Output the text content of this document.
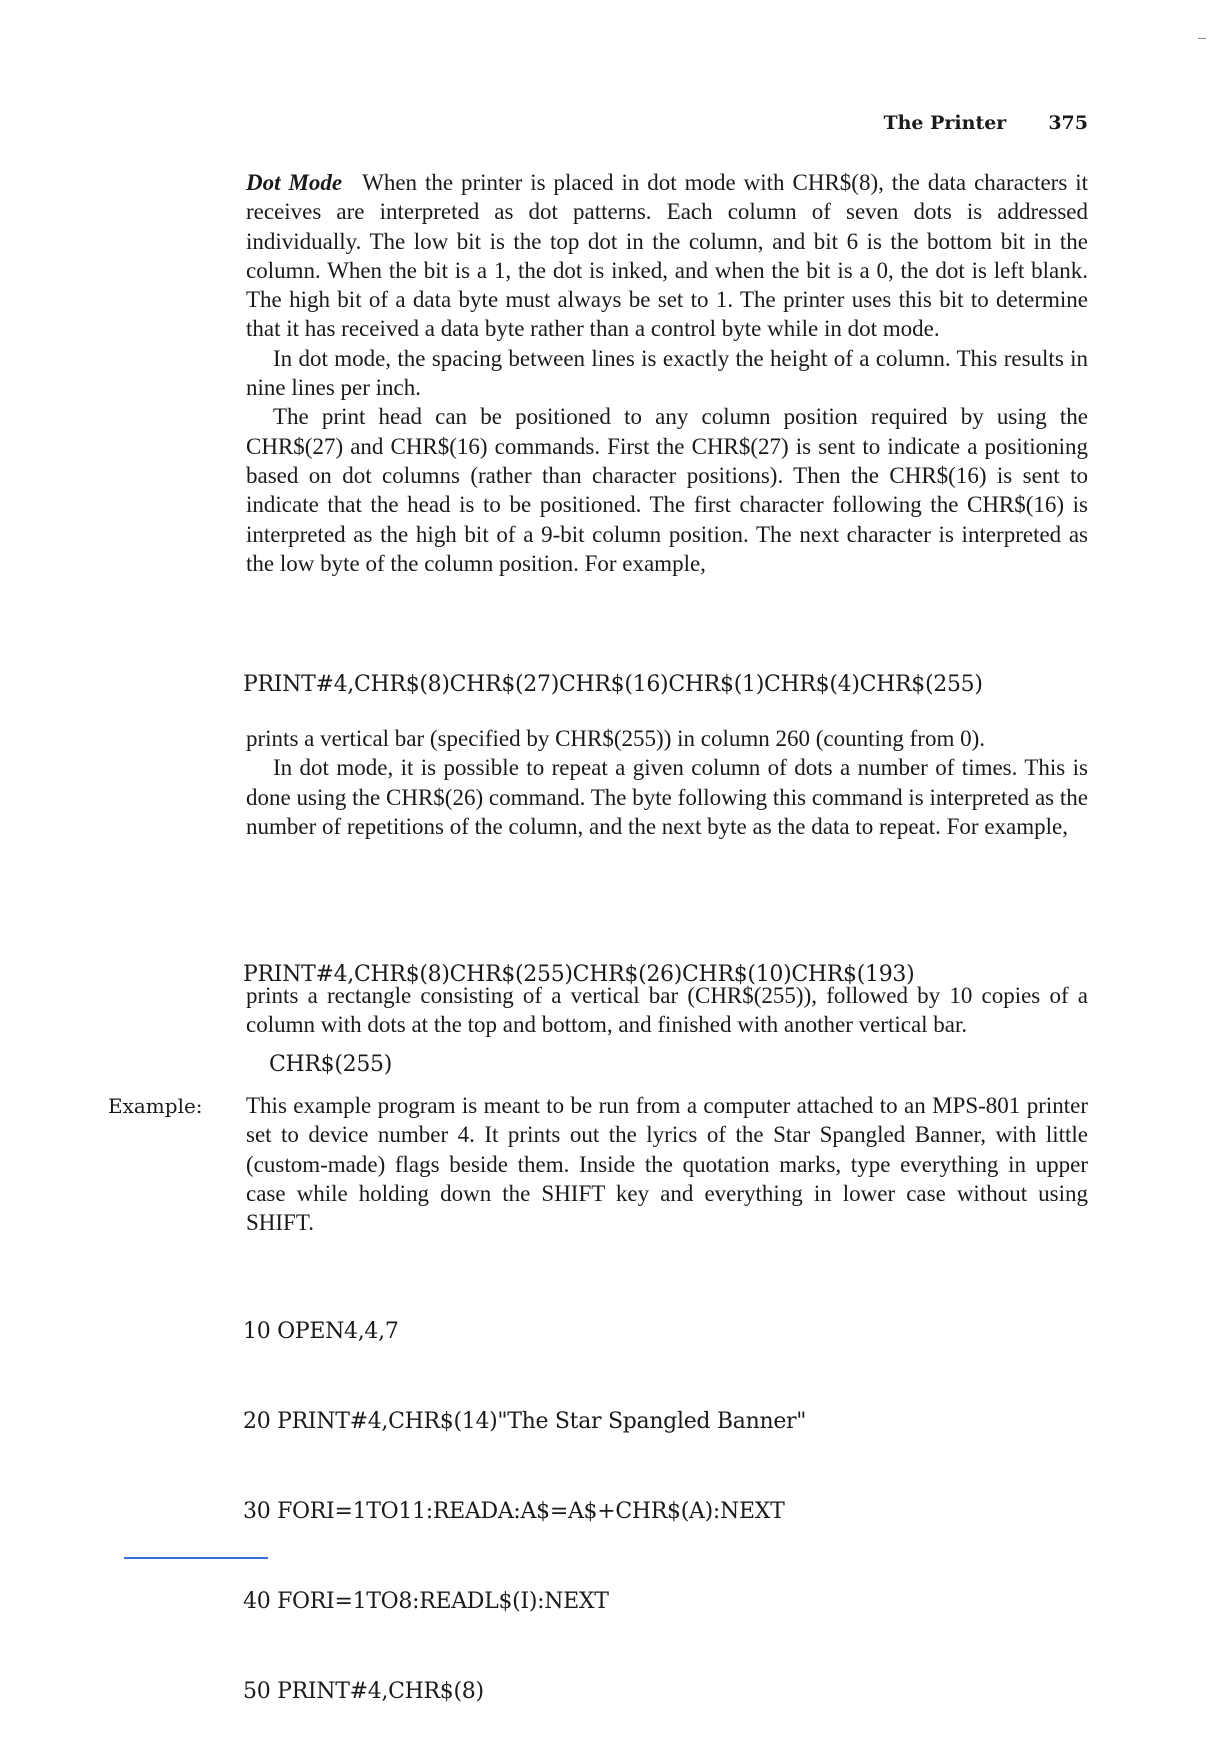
The Printer 375

Dot Mode When the printer is placed in dot mode with CHR$(8), the data characters it receives are interpreted as dot patterns. Each column of seven dots is addressed individually. The low bit is the top dot in the column, and bit 6 is the bottom bit in the column. When the bit is a 1, the dot is inked, and when the bit is a 0, the dot is left blank. The high bit of a data byte must always be set to 1. The printer uses this bit to determine that it has received a data byte rather than a control byte while in dot mode.

In dot mode, the spacing between lines is exactly the height of a column. This results in nine lines per inch.

The print head can be positioned to any column position required by using the CHR$(27) and CHR$(16) commands. First the CHR$(27) is sent to indicate a positioning based on dot columns (rather than character positions). Then the CHR$(16) is sent to indicate that the head is to be positioned. The first character following the CHR$(16) is interpreted as the high bit of a 9-bit column position. The next character is interpreted as the low byte of the column position. For example,

PRINT#4,CHR$(8)CHR$(27)CHR$(16)CHR$(1)CHR$(4)CHR$(255)

prints a vertical bar (specified by CHR$(255)) in column 260 (counting from 0).

In dot mode, it is possible to repeat a given column of dots a number of times. This is done using the CHR$(26) command. The byte following this command is interpreted as the number of repetitions of the column, and the next byte as the data to repeat. For example,

PRINT#4,CHR$(8)CHR$(255)CHR$(26)CHR$(10)CHR$(193)

CHR$(255)

prints a rectangle consisting of a vertical bar (CHR$(255)), followed by 10 copies of a column with dots at the top and bottom, and finished with another vertical bar.

Example: This example program is meant to be run from a computer attached to an MPS-801 printer set to device number 4. It prints out the lyrics of the Star Spangled Banner, with little (custom-made) flags beside them. Inside the quotation marks, type everything in upper case while holding down the SHIFT key and everything in lower case without using SHIFT.

10 OPEN4,4,7

20 PRINT#4,CHR$(14)"The Star Spangled Banner"

30 FORI=1TO11:READA:A$=A$+CHR$(A):NEXT

40 FORI=1TO8:READL$(I):NEXT

50 PRINT#4,CHR$(8)
